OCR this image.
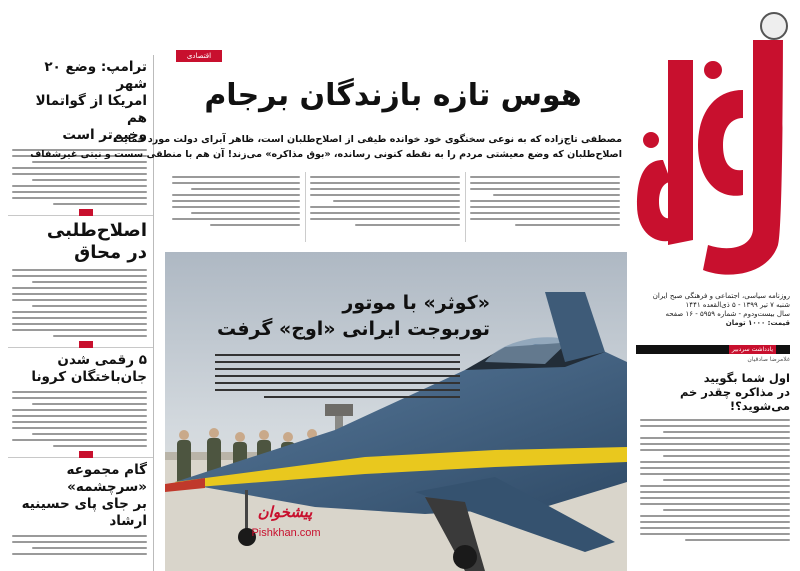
ترامپ: وضع ۲۰ شهر
امریکا از گواتمالا هم
وخیم‌تر است
اصلاح‌طلبی
در محاق
۵ رقمی شدن
جان‌باختگان کرونا
گام مجموعه «سرچشمه»
بر جای پای حسینیه ارشاد
روزنامه سیاسی، اجتماعی و فرهنگی صبح ایران
شنبه ۷ تیر ۱۳۹۹ - ۵ ذی‌القعده ۱۴۴۱
سال بیست‌ودوم - شماره ۵۹۵۹ - ۱۶ صفحه
قیمت: ۱۰۰۰ تومان
یادداشت سردبیر
غلامرضا صادقیان
اول شما بگویید
در مذاکره چقدر خم می‌شوید؟!
اقتصادی
هوس تازه بازندگان برجام
مصطفی تاج‌زاده که به نوعی سخنگوی خود خوانده طیفی از اصلاح‌طلبان است، ظاهر آبرای دولت مورد حمایت
اصلاح‌طلبان که وضع معیشتی مردم را به نقطه کنونی رسانده، «بوق مذاکره» می‌زند! آن هم با منطقی سست و نیتی غیرشفاف
«کوثر» با موتور
توربوجت ایرانی «اوج» گرفت
پیشخوان
Pishkhan.com
